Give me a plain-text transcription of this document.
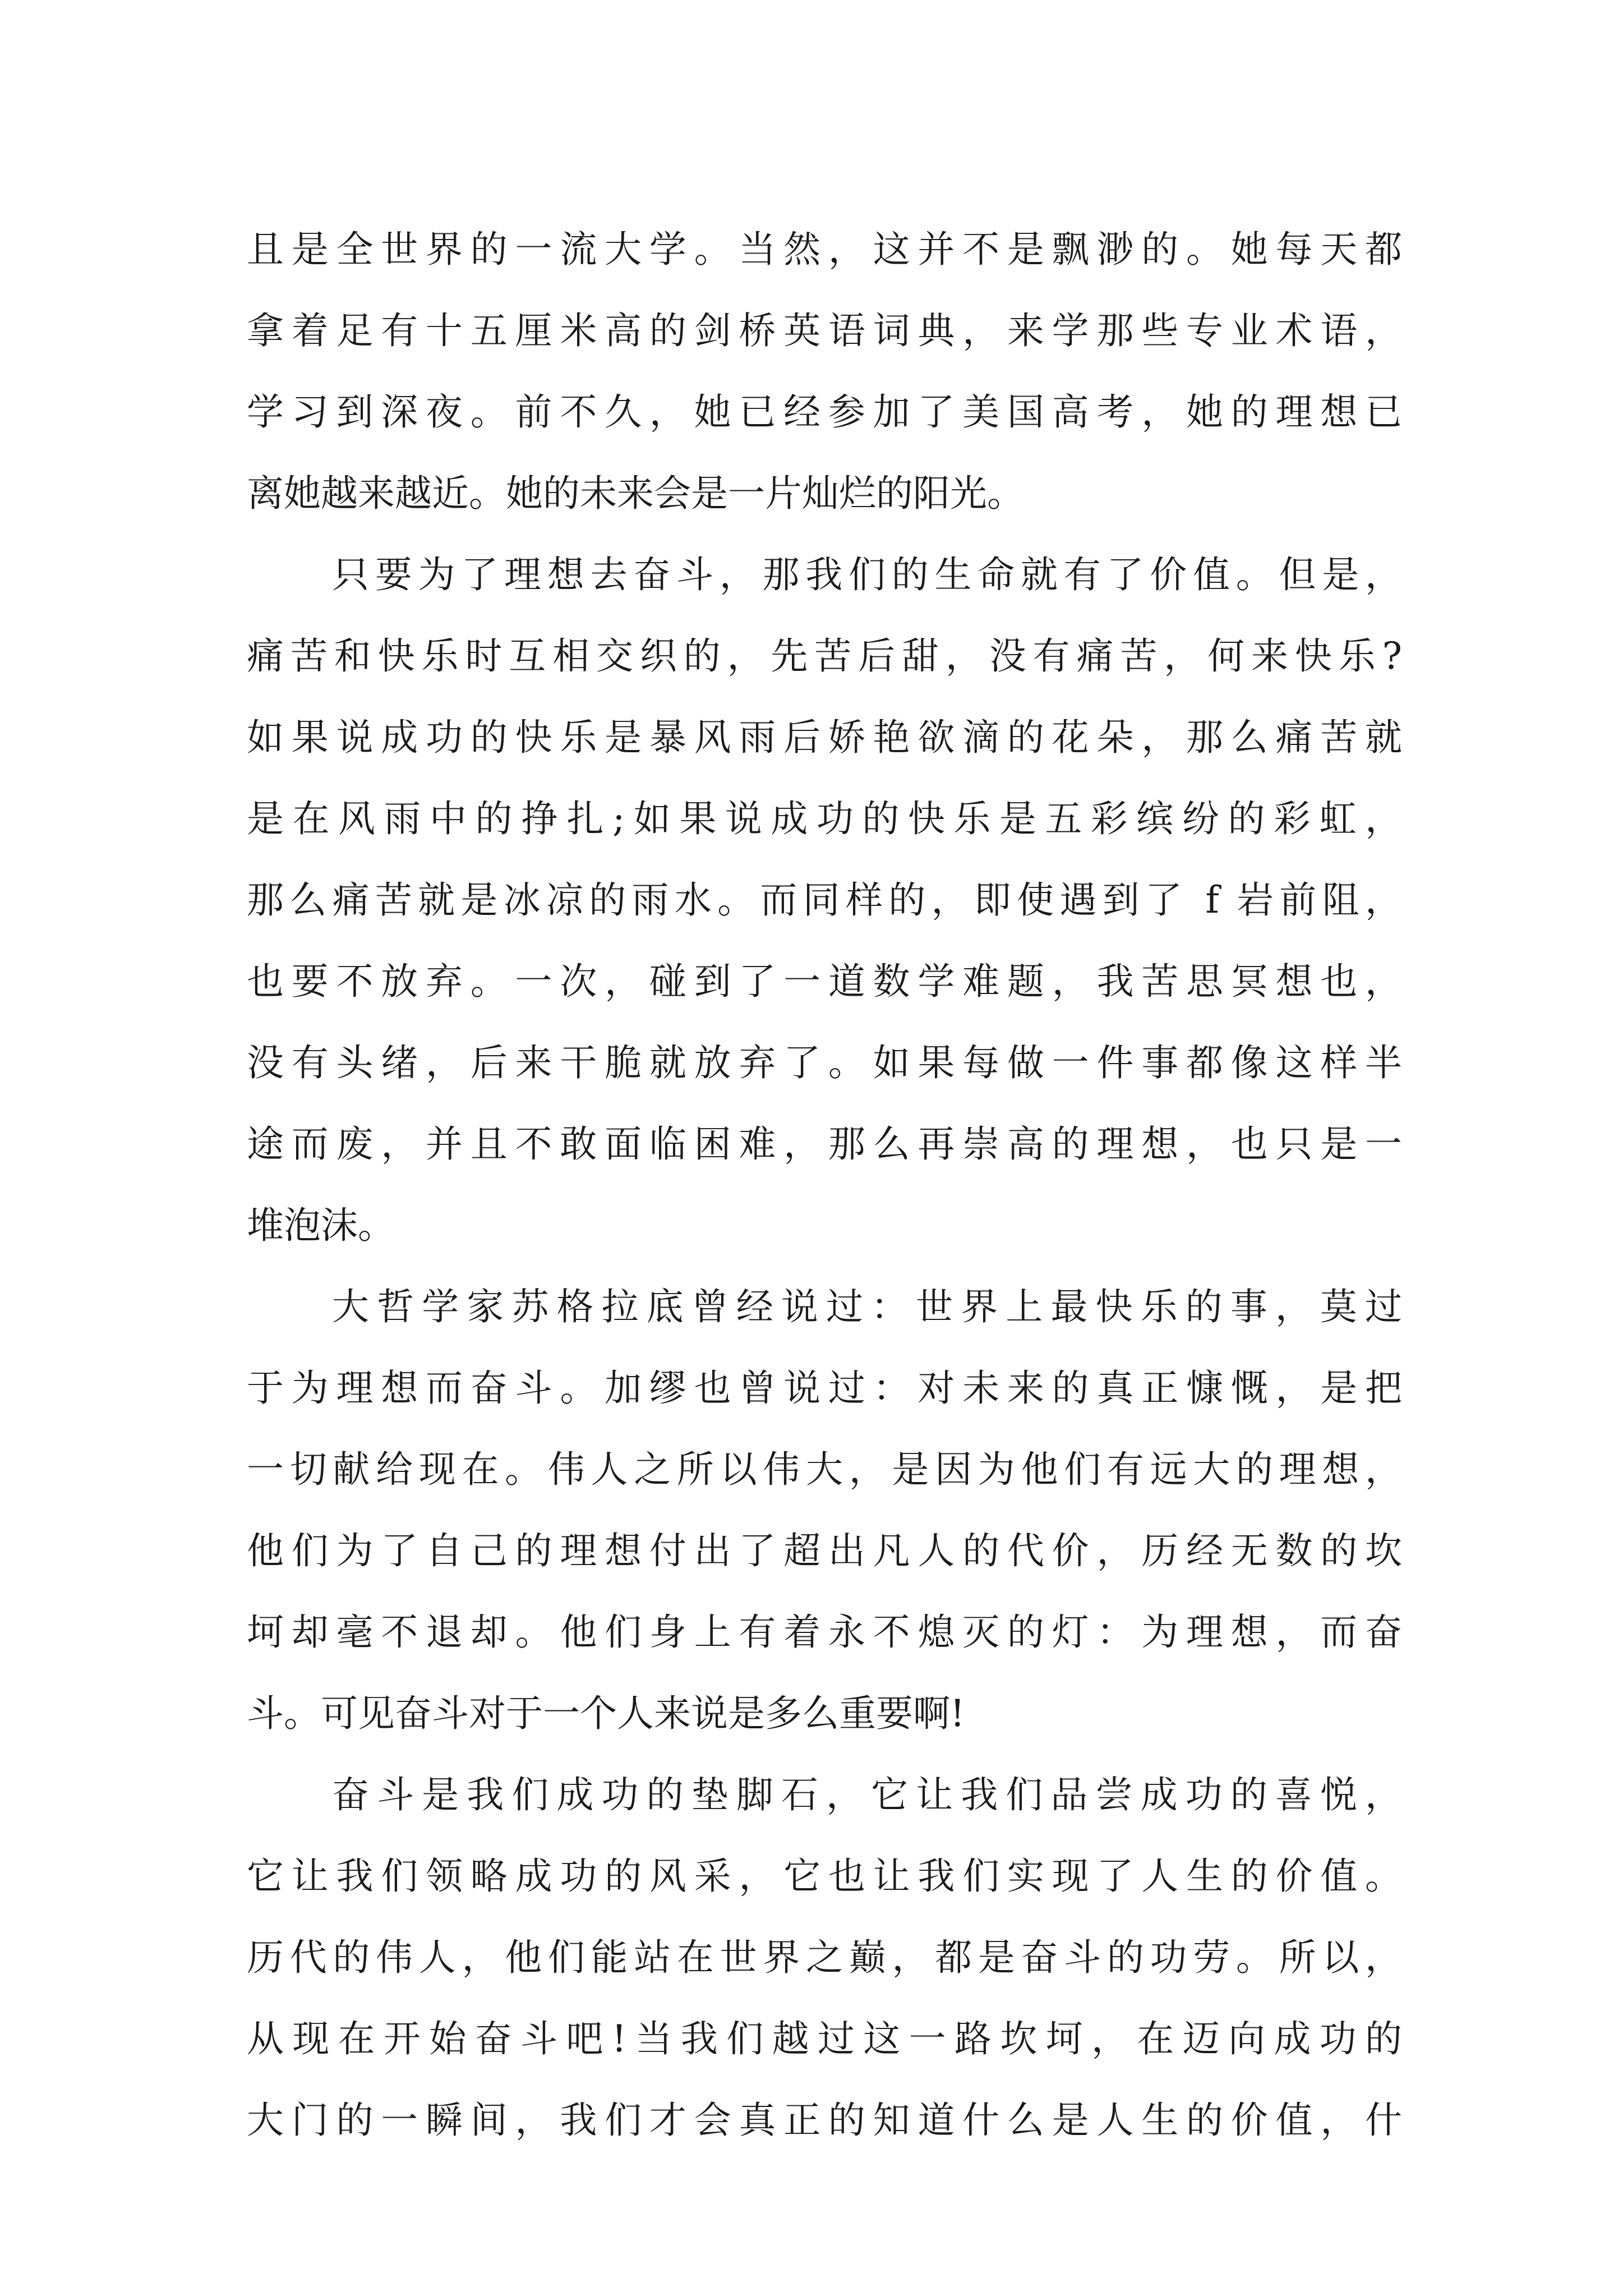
且是全世界的一流大学。当然，这并不是飘渺的。她每天都
拿着足有十五厘米高的剑桥英语词典，来学那些专业术语，
学习到深夜。前不久，她已经参加了美国高考，她的理想已
离她越来越近。她的未来会是一片灿烂的阳光。
只要为了理想去奋斗，那我们的生命就有了价值。但是，
痛苦和快乐时互相交织的，先苦后甜，没有痛苦，何来快乐?
如果说成功的快乐是暴风雨后娇艳欲滴的花朵，那么痛苦就
是在风雨中的挣扎;如果说成功的快乐是五彩缤纷的彩虹，
那么痛苦就是冰凉的雨水。而同样的，即使遇到了 f 岩前阻，
也要不放弃。一次，碰到了一道数学难题，我苦思冥想也，
没有头绪，后来干脆就放弃了。如果每做一件事都像这样半
途而废，并且不敢面临困难，那么再崇高的理想，也只是一
堆泡沫。
大哲学家苏格拉底曾经说过：世界上最快乐的事，莫过
于为理想而奋斗。加缪也曾说过：对未来的真正慷慨，是把
一切献给现在。伟人之所以伟大，是因为他们有远大的理想，
他们为了自己的理想付出了超出凡人的代价，历经无数的坎
坷却毫不退却。他们身上有着永不熄灭的灯：为理想，而奋
斗。可见奋斗对于一个人来说是多么重要啊!
奋斗是我们成功的垫脚石，它让我们品尝成功的喜悦，
它让我们领略成功的风采，它也让我们实现了人生的价值。
历代的伟人，他们能站在世界之巅，都是奋斗的功劳。所以，
从现在开始奋斗吧!当我们越过这一路坎坷，在迈向成功的
大门的一瞬间，我们才会真正的知道什么是人生的价值，什
